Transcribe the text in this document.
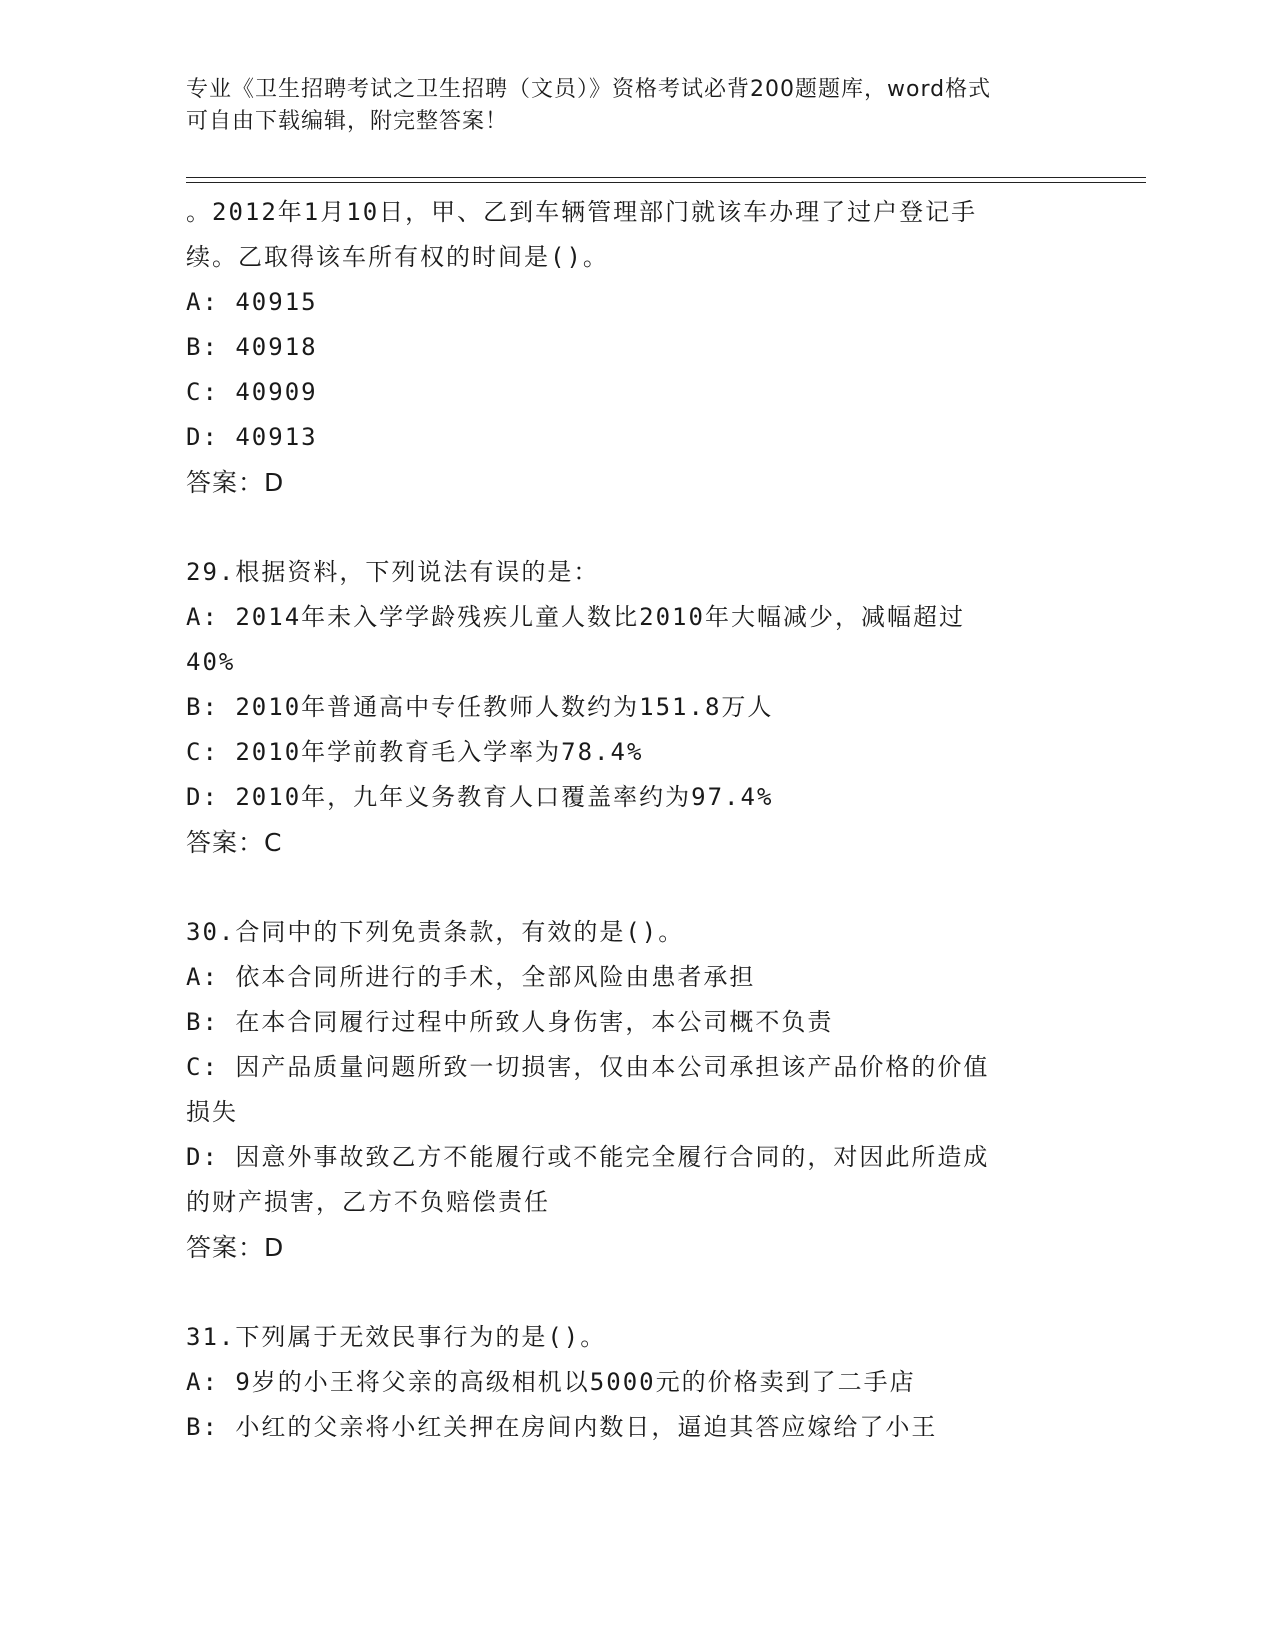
专业《卫生招聘考试之卫生招聘（文员）》资格考试必背200题题库，word格式
可自由下载编辑，附完整答案！
。2012年1月10日，甲、乙到车辆管理部门就该车办理了过户登记手
续。乙取得该车所有权的时间是()。
A: 40915
B: 40918
C: 40909
D: 40913
答案：D
29.根据资料，下列说法有误的是：
A: 2014年未入学学龄残疾儿童人数比2010年大幅减少，减幅超过
40%
B: 2010年普通高中专任教师人数约为151.8万人
C: 2010年学前教育毛入学率为78.4%
D: 2010年，九年义务教育人口覆盖率约为97.4%
答案：C
30.合同中的下列免责条款，有效的是()。
A: 依本合同所进行的手术，全部风险由患者承担
B: 在本合同履行过程中所致人身伤害，本公司概不负责
C: 因产品质量问题所致一切损害，仅由本公司承担该产品价格的价值
损失
D: 因意外事故致乙方不能履行或不能完全履行合同的，对因此所造成
的财产损害，乙方不负赔偿责任
答案：D
31.下列属于无效民事行为的是()。
A: 9岁的小王将父亲的高级相机以5000元的价格卖到了二手店
B: 小红的父亲将小红关押在房间内数日，逼迫其答应嫁给了小王
